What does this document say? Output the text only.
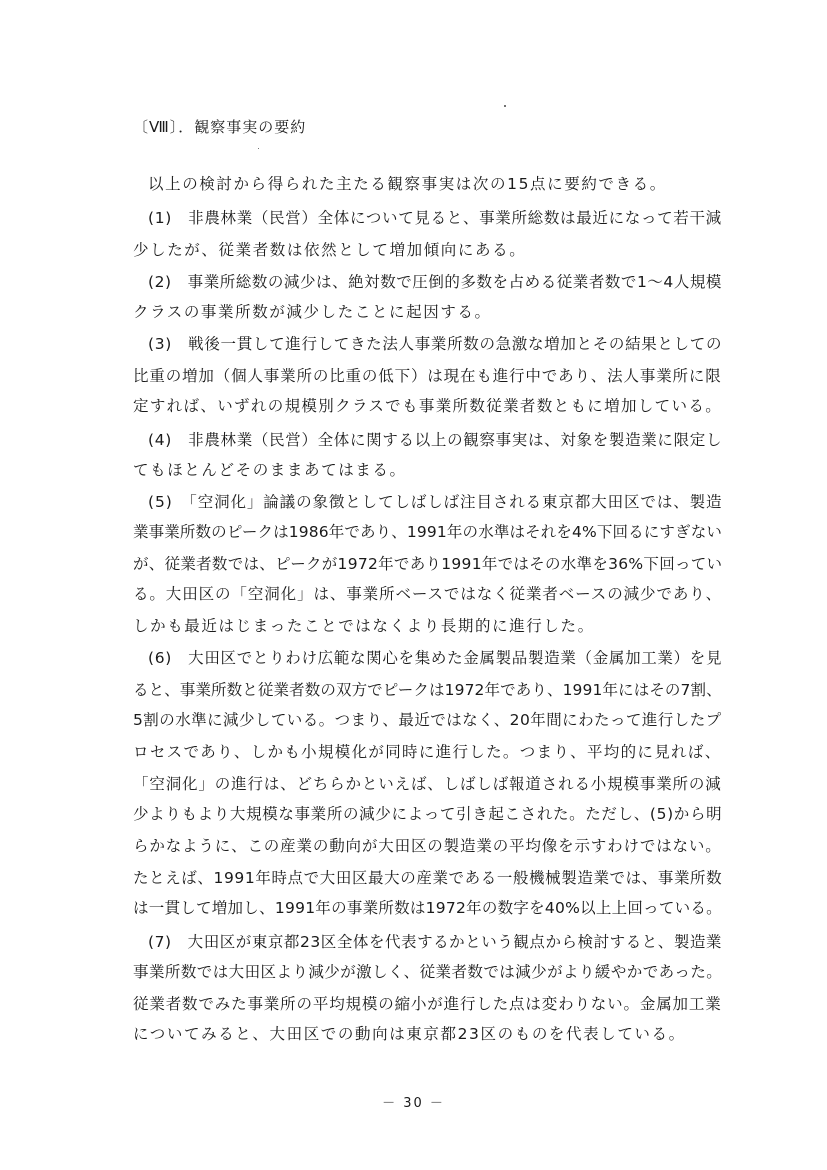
〔Ⅷ〕．観察事実の要約
以上の検討から得られた主たる観察事実は次の15点に要約できる。
(1)　非農林業（民営）全体について見ると、事業所総数は最近になって若干減
少したが、従業者数は依然として増加傾向にある。
(2)　事業所総数の減少は、絶対数で圧倒的多数を占める従業者数で1～4人規模
クラスの事業所数が減少したことに起因する。
(3)　戦後一貫して進行してきた法人事業所数の急激な増加とその結果としての
比重の増加（個人事業所の比重の低下）は現在も進行中であり、法人事業所に限
定すれば、いずれの規模別クラスでも事業所数従業者数ともに増加している。
(4)　非農林業（民営）全体に関する以上の観察事実は、対象を製造業に限定し
てもほとんどそのままあてはまる。
(5)　「空洞化」論議の象徴としてしばしば注目される東京都大田区では、製造
業事業所数のピークは1986年であり、1991年の水準はそれを4%下回るにすぎない
が、従業者数では、ピークが1972年であり1991年ではその水準を36%下回ってい
る。大田区の「空洞化」は、事業所ベースではなく従業者ベースの減少であり、
しかも最近はじまったことではなくより長期的に進行した。
(6)　大田区でとりわけ広範な関心を集めた金属製品製造業（金属加工業）を見
ると、事業所数と従業者数の双方でピークは1972年であり、1991年にはその7割、
5割の水準に減少している。つまり、最近ではなく、20年間にわたって進行したプ
ロセスであり、しかも小規模化が同時に進行した。つまり、平均的に見れば、
「空洞化」の進行は、どちらかといえば、しばしば報道される小規模事業所の減
少よりもより大規模な事業所の減少によって引き起こされた。ただし、(5)から明
らかなように、この産業の動向が大田区の製造業の平均像を示すわけではない。
たとえば、1991年時点で大田区最大の産業である一般機械製造業では、事業所数
は一貫して増加し、1991年の事業所数は1972年の数字を40%以上上回っている。
(7)　大田区が東京都23区全体を代表するかという観点から検討すると、製造業
事業所数では大田区より減少が激しく、従業者数では減少がより緩やかであった。
従業者数でみた事業所の平均規模の縮小が進行した点は変わりない。金属加工業
についてみると、大田区での動向は東京都23区のものを代表している。
－ 30 －
